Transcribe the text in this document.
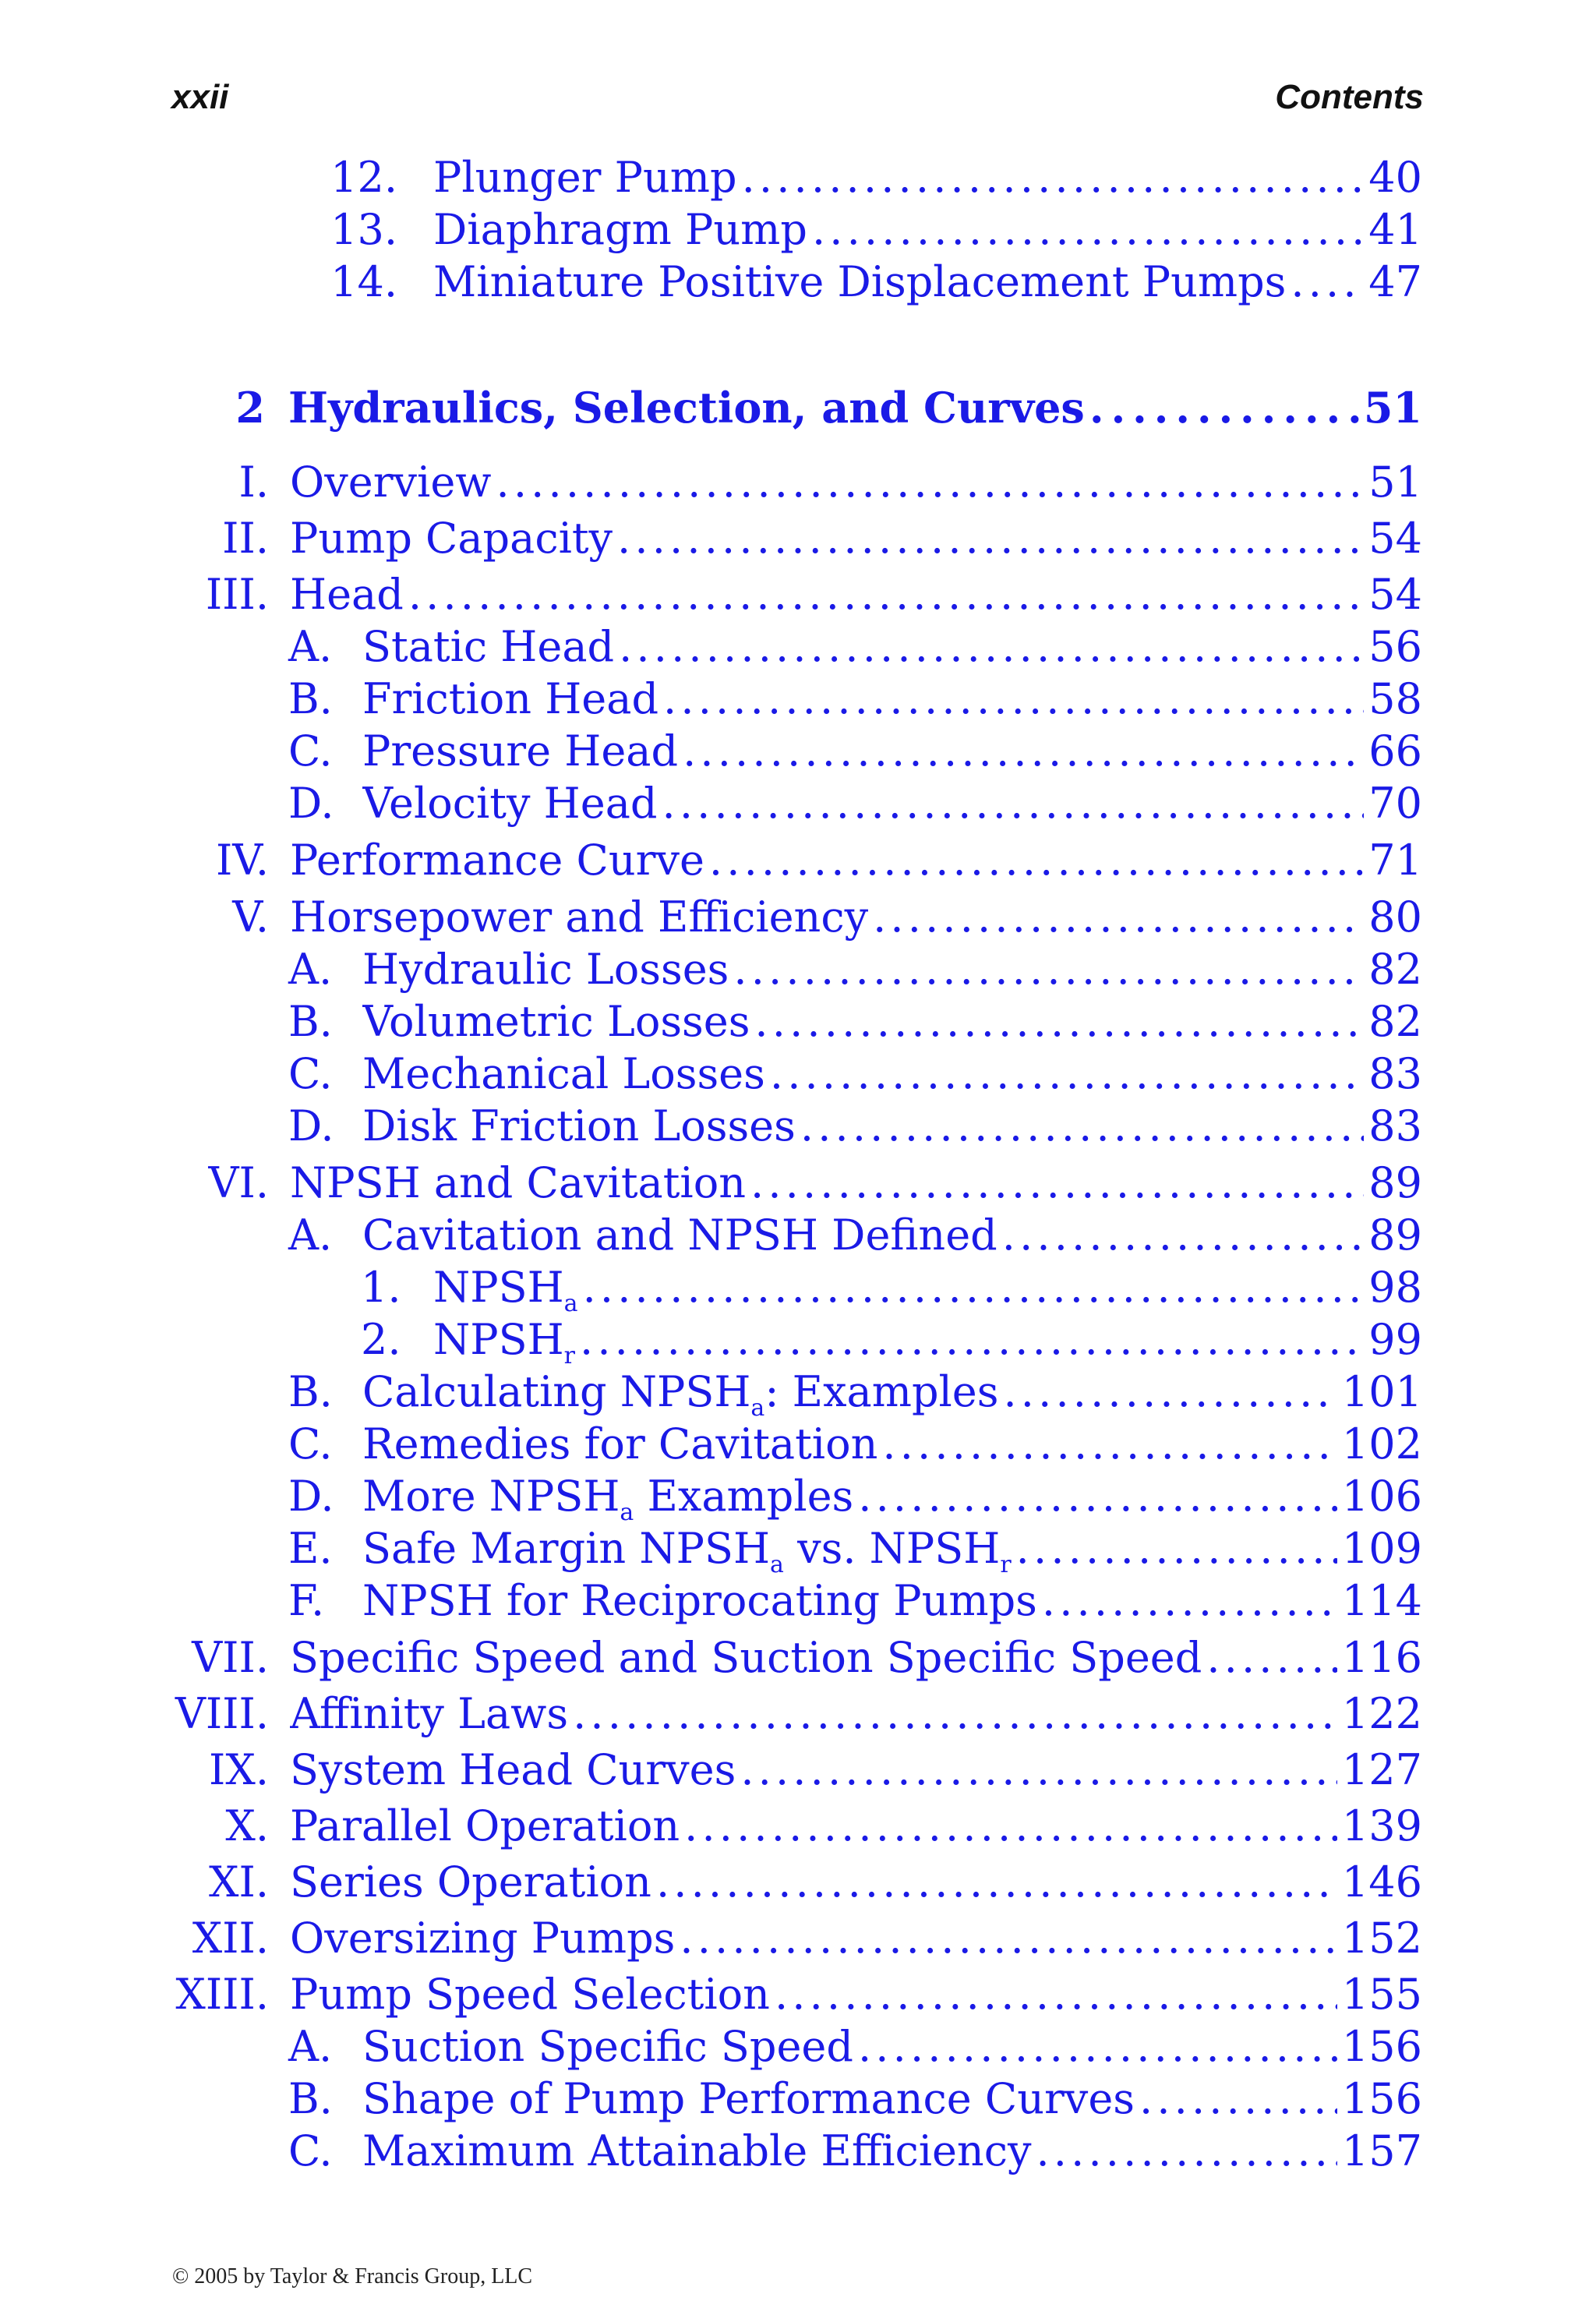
xxii	Contents
12. Plunger Pump . . .	40
13. Diaphragm Pump . . .	41
14. Miniature Positive Displacement Pumps . . . 47
2 Hydraulics, Selection, and Curves . . .	51
I. Overview . . .	51
II. Pump Capacity . . .	54
III. Head . . .	54
A. Static Head . . .	56
B. Friction Head . . .	58
C. Pressure Head . . .	66
D. Velocity Head . . .	70
IV. Performance Curve . . .	71
V. Horsepower and Efficiency . . .	80
A. Hydraulic Losses . . .	82
B. Volumetric Losses . . .	82
C. Mechanical Losses . . .	83
D. Disk Friction Losses . . .	83
VI. NPSH and Cavitation . . .	89
A. Cavitation and NPSH Defined . . .	89
1. $NPSH_a$ . . .	98
2. $NPSH_r$ . . .	99
B. Calculating $NPSH_a$: Examples . . .	101
C. Remedies for Cavitation . . .	102
D. More $NPSH_a$ Examples . . .	106
E. Safe Margin $NPSH_a$ vs. $NPSH_r$ . . .	109
F. NPSH for Reciprocating Pumps . . .	114
VII. Specific Speed and Suction Specific Speed . . .	116
VIII. Affinity Laws . . .	122
IX. System Head Curves . . .	127
X. Parallel Operation . . .	139
XI. Series Operation . . .	146
XII. Oversizing Pumps . . .	152
XIII. Pump Speed Selection . . .	155
A. Suction Specific Speed . . .	156
B. Shape of Pump Performance Curves . . .	156
C. Maximum Attainable Efficiency . . .	157
© 2005 by Taylor & Francis Group, LLC
